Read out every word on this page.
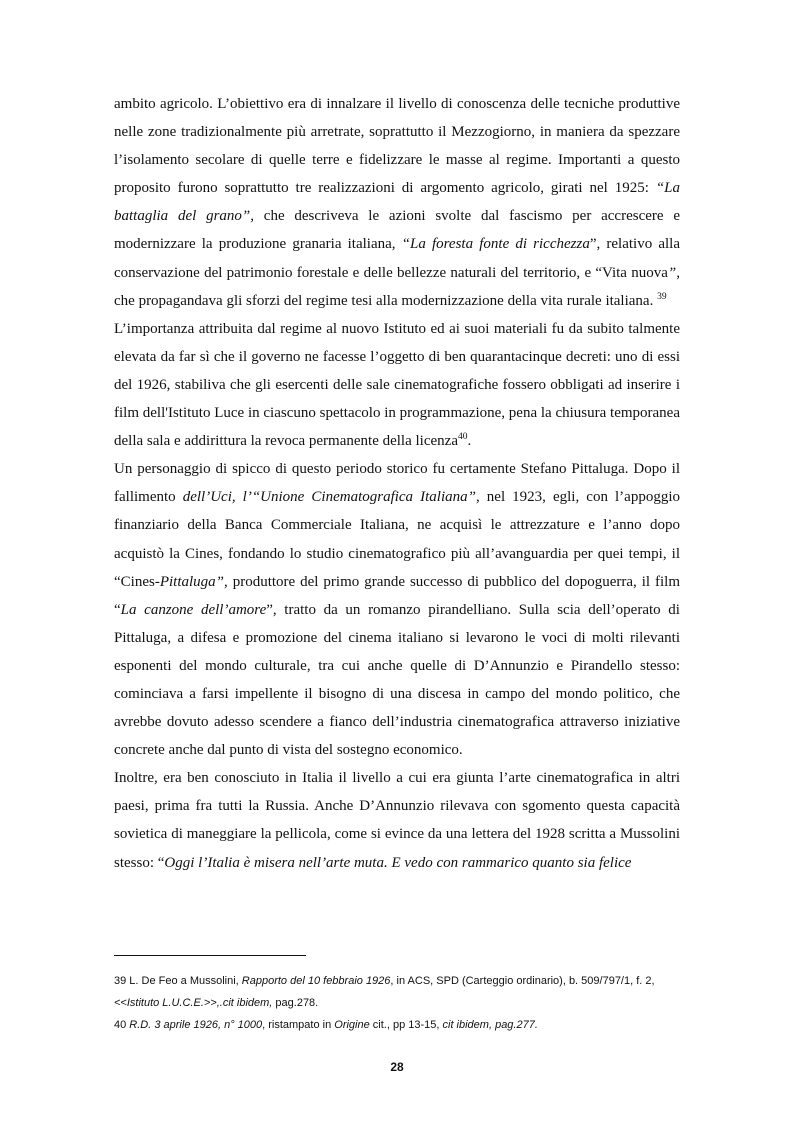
ambito agricolo. L’obiettivo era di innalzare il livello di conoscenza delle tecniche produttive nelle zone tradizionalmente più arretrate, soprattutto il Mezzogiorno, in maniera da spezzare l’isolamento secolare di quelle terre e fidelizzare le masse al regime. Importanti a questo proposito furono soprattutto tre realizzazioni di argomento agricolo, girati nel 1925: “La battaglia del grano”, che descriveva le azioni svolte dal fascismo per accrescere e modernizzare la produzione granaria italiana, “La foresta fonte di ricchezza”, relativo alla conservazione del patrimonio forestale e delle bellezze naturali del territorio, e “Vita nuova”, che propagandava gli sforzi del regime tesi alla modernizzazione della vita rurale italiana. $^{39}$

L’importanza attribuita dal regime al nuovo Istituto ed ai suoi materiali fu da subito talmente elevata da far sì che il governo ne facesse l’oggetto di ben quarantacinque decreti: uno di essi del 1926, stabiliva che gli esercenti delle sale cinematografiche fossero obbligati ad inserire i film dell'Istituto Luce in ciascuno spettacolo in programmazione, pena la chiusura temporanea della sala e addirittura la revoca permanente della licenza$^{40}$.

Un personaggio di spicco di questo periodo storico fu certamente Stefano Pittaluga. Dopo il fallimento dell’Uci, l’“Unione Cinematografica Italiana”, nel 1923, egli, con l’appoggio finanziario della Banca Commerciale Italiana, ne acquisì le attrezzature e l’anno dopo acquistò la Cines, fondando lo studio cinematografico più all’avanguardia per quei tempi, il “Cines-Pittaluga”, produttore del primo grande successo di pubblico del dopoguerra, il film “La canzone dell’amore”, tratto da un romanzo pirandelliano. Sulla scia dell’operato di Pittaluga, a difesa e promozione del cinema italiano si levarono le voci di molti rilevanti esponenti del mondo culturale, tra cui anche quelle di D’Annunzio e Pirandello stesso: cominciava a farsi impellente il bisogno di una discesa in campo del mondo politico, che avrebbe dovuto adesso scendere a fianco dell’industria cinematografica attraverso iniziative concrete anche dal punto di vista del sostegno economico.

Inoltre, era ben conosciuto in Italia il livello a cui era giunta l’arte cinematografica in altri paesi, prima fra tutti la Russia. Anche D’Annunzio rilevava con sgomento questa capacità sovietica di maneggiare la pellicola, come si evince da una lettera del 1928 scritta a Mussolini stesso: “Oggi l’Italia è misera nell’arte muta. E vedo con rammarico quanto sia felice

39 L. De Feo a Mussolini, Rapporto del 10 febbraio 1926, in ACS, SPD (Carteggio ordinario), b. 509/797/1, f. 2,
<<Istituto L.U.C.E.>>,.cit ibidem, pag.278.

40 R.D. 3 aprile 1926, n° 1000, ristampato in Origine cit., pp 13-15, cit ibidem, pag.277.

28
